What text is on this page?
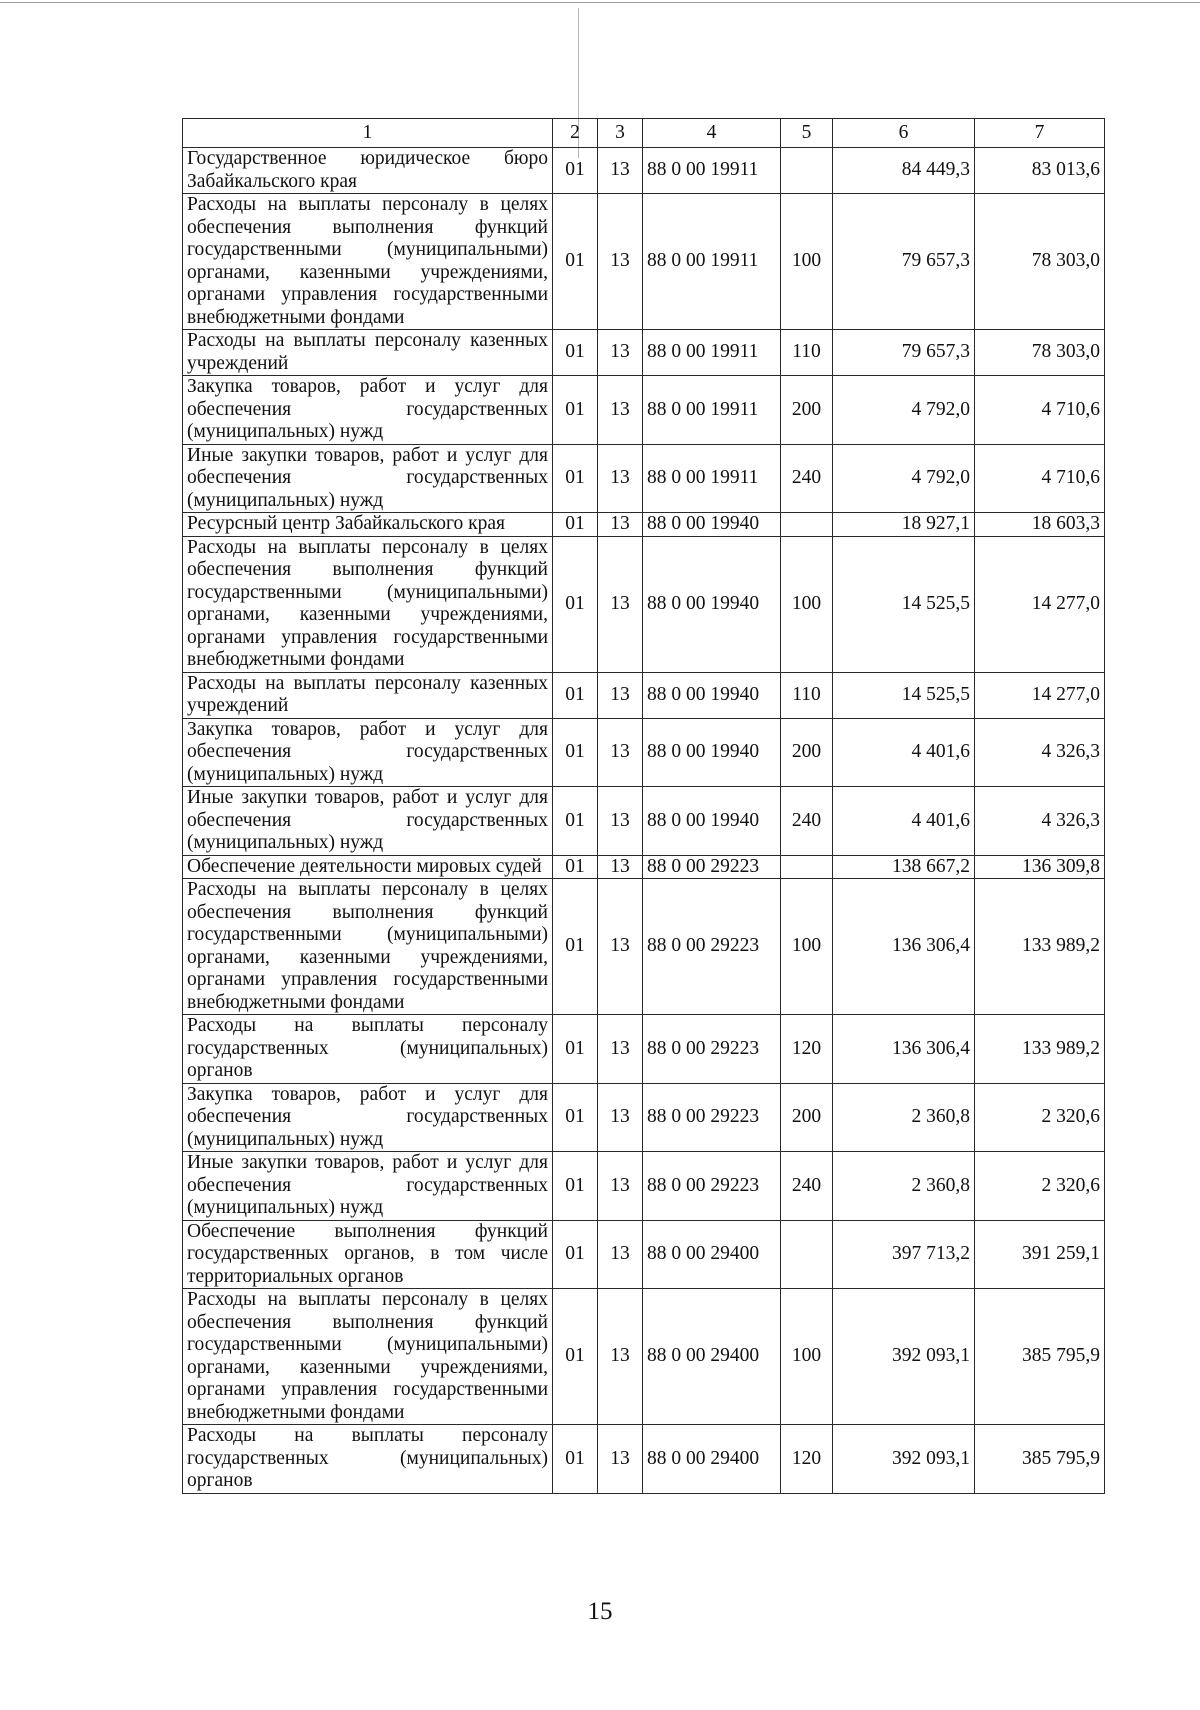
1	2	3	4	5	6	7
Государственное юридическое бюро Забайкальского края	01	13	88 0 00 19911		84 449,3	83 013,6
Расходы на выплаты персоналу в целях обеспечения выполнения функций государственными (муниципальными) органами, казенными учреждениями, органами управления государственными внебюджетными фондами	01	13	88 0 00 19911	100	79 657,3	78 303,0
Расходы на выплаты персоналу казенных учреждений	01	13	88 0 00 19911	110	79 657,3	78 303,0
Закупка товаров, работ и услуг для обеспечения государственных (муниципальных) нужд	01	13	88 0 00 19911	200	4 792,0	4 710,6
Иные закупки товаров, работ и услуг для обеспечения государственных (муниципальных) нужд	01	13	88 0 00 19911	240	4 792,0	4 710,6
Ресурсный центр Забайкальского края	01	13	88 0 00 19940		18 927,1	18 603,3
Расходы на выплаты персоналу в целях обеспечения выполнения функций государственными (муниципальными) органами, казенными учреждениями, органами управления государственными внебюджетными фондами	01	13	88 0 00 19940	100	14 525,5	14 277,0
Расходы на выплаты персоналу казенных учреждений	01	13	88 0 00 19940	110	14 525,5	14 277,0
Закупка товаров, работ и услуг для обеспечения государственных (муниципальных) нужд	01	13	88 0 00 19940	200	4 401,6	4 326,3
Иные закупки товаров, работ и услуг для обеспечения государственных (муниципальных) нужд	01	13	88 0 00 19940	240	4 401,6	4 326,3
Обеспечение деятельности мировых судей	01	13	88 0 00 29223		138 667,2	136 309,8
Расходы на выплаты персоналу в целях обеспечения выполнения функций государственными (муниципальными) органами, казенными учреждениями, органами управления государственными внебюджетными фондами	01	13	88 0 00 29223	100	136 306,4	133 989,2
Расходы на выплаты персоналу государственных (муниципальных) органов	01	13	88 0 00 29223	120	136 306,4	133 989,2
Закупка товаров, работ и услуг для обеспечения государственных (муниципальных) нужд	01	13	88 0 00 29223	200	2 360,8	2 320,6
Иные закупки товаров, работ и услуг для обеспечения государственных (муниципальных) нужд	01	13	88 0 00 29223	240	2 360,8	2 320,6
Обеспечение выполнения функций государственных органов, в том числе территориальных органов	01	13	88 0 00 29400		397 713,2	391 259,1
Расходы на выплаты персоналу в целях обеспечения выполнения функций государственными (муниципальными) органами, казенными учреждениями, органами управления государственными внебюджетными фондами	01	13	88 0 00 29400	100	392 093,1	385 795,9
Расходы на выплаты персоналу государственных (муниципальных) органов	01	13	88 0 00 29400	120	392 093,1	385 795,9
15
